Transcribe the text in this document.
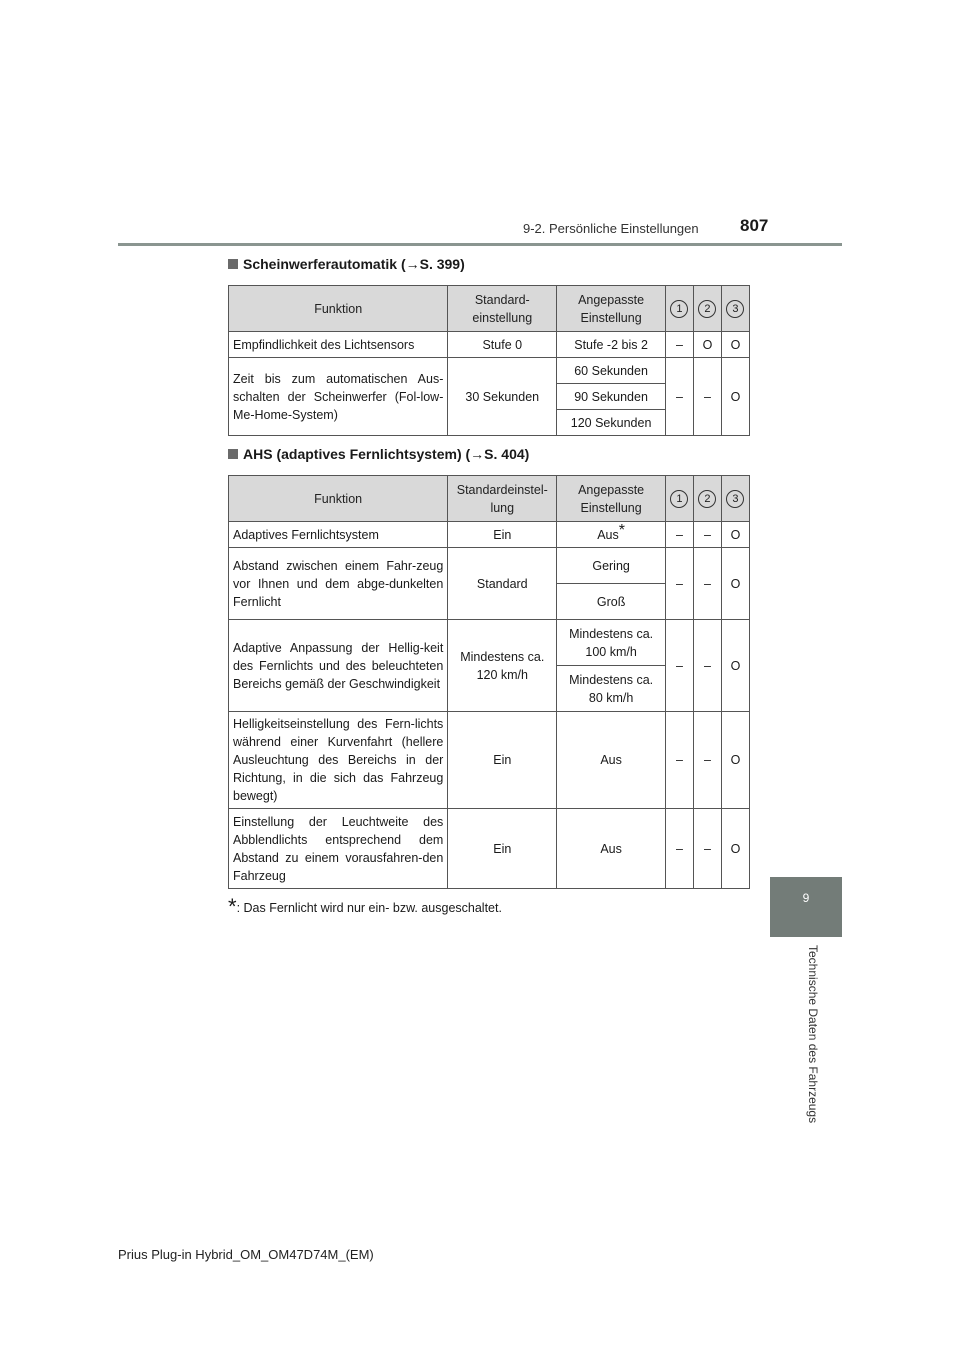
9-2. Persönliche Einstellungen 807
9
Technische Daten des Fahrzeugs
Scheinwerferautomatik (→S. 399)
Funktion	Standard-einstellung	Angepasste Einstellung	1	2	3
Empfindlichkeit des Lichtsensors	Stufe 0	Stufe -2 bis 2	–	O	O
Zeit bis zum automatischen Aus-schalten der Scheinwerfer (Fol-low-Me-Home-System)	30 Sekunden	60 Sekunden	–	–	O
		90 Sekunden			
		120 Sekunden			
AHS (adaptives Fernlichtsystem) (→S. 404)
Funktion	Standardeinstel-lung	Angepasste Einstellung	1	2	3
Adaptives Fernlichtsystem	Ein	Aus*	–	–	O
Abstand zwischen einem Fahr-zeug vor Ihnen und dem abge-dunkelten Fernlicht	Standard	Gering	–	–	O
		Groß			
Adaptive Anpassung der Hellig-keit des Fernlichts und des beleuchteten Bereichs gemäß der Geschwindigkeit	Mindestens ca. 120 km/h	Mindestens ca. 100 km/h	–	–	O
		Mindestens ca. 80 km/h			
Helligkeitseinstellung des Fern-lichts während einer Kurvenfahrt (hellere Ausleuchtung des Bereichs in der Richtung, in die sich das Fahrzeug bewegt)	Ein	Aus	–	–	O
Einstellung der Leuchtweite des Abblendlichts entsprechend dem Abstand zu einem vorausfahren-den Fahrzeug	Ein	Aus	–	–	O
*: Das Fernlicht wird nur ein- bzw. ausgeschaltet.
Prius Plug-in Hybrid_OM_OM47D74M_(EM)
